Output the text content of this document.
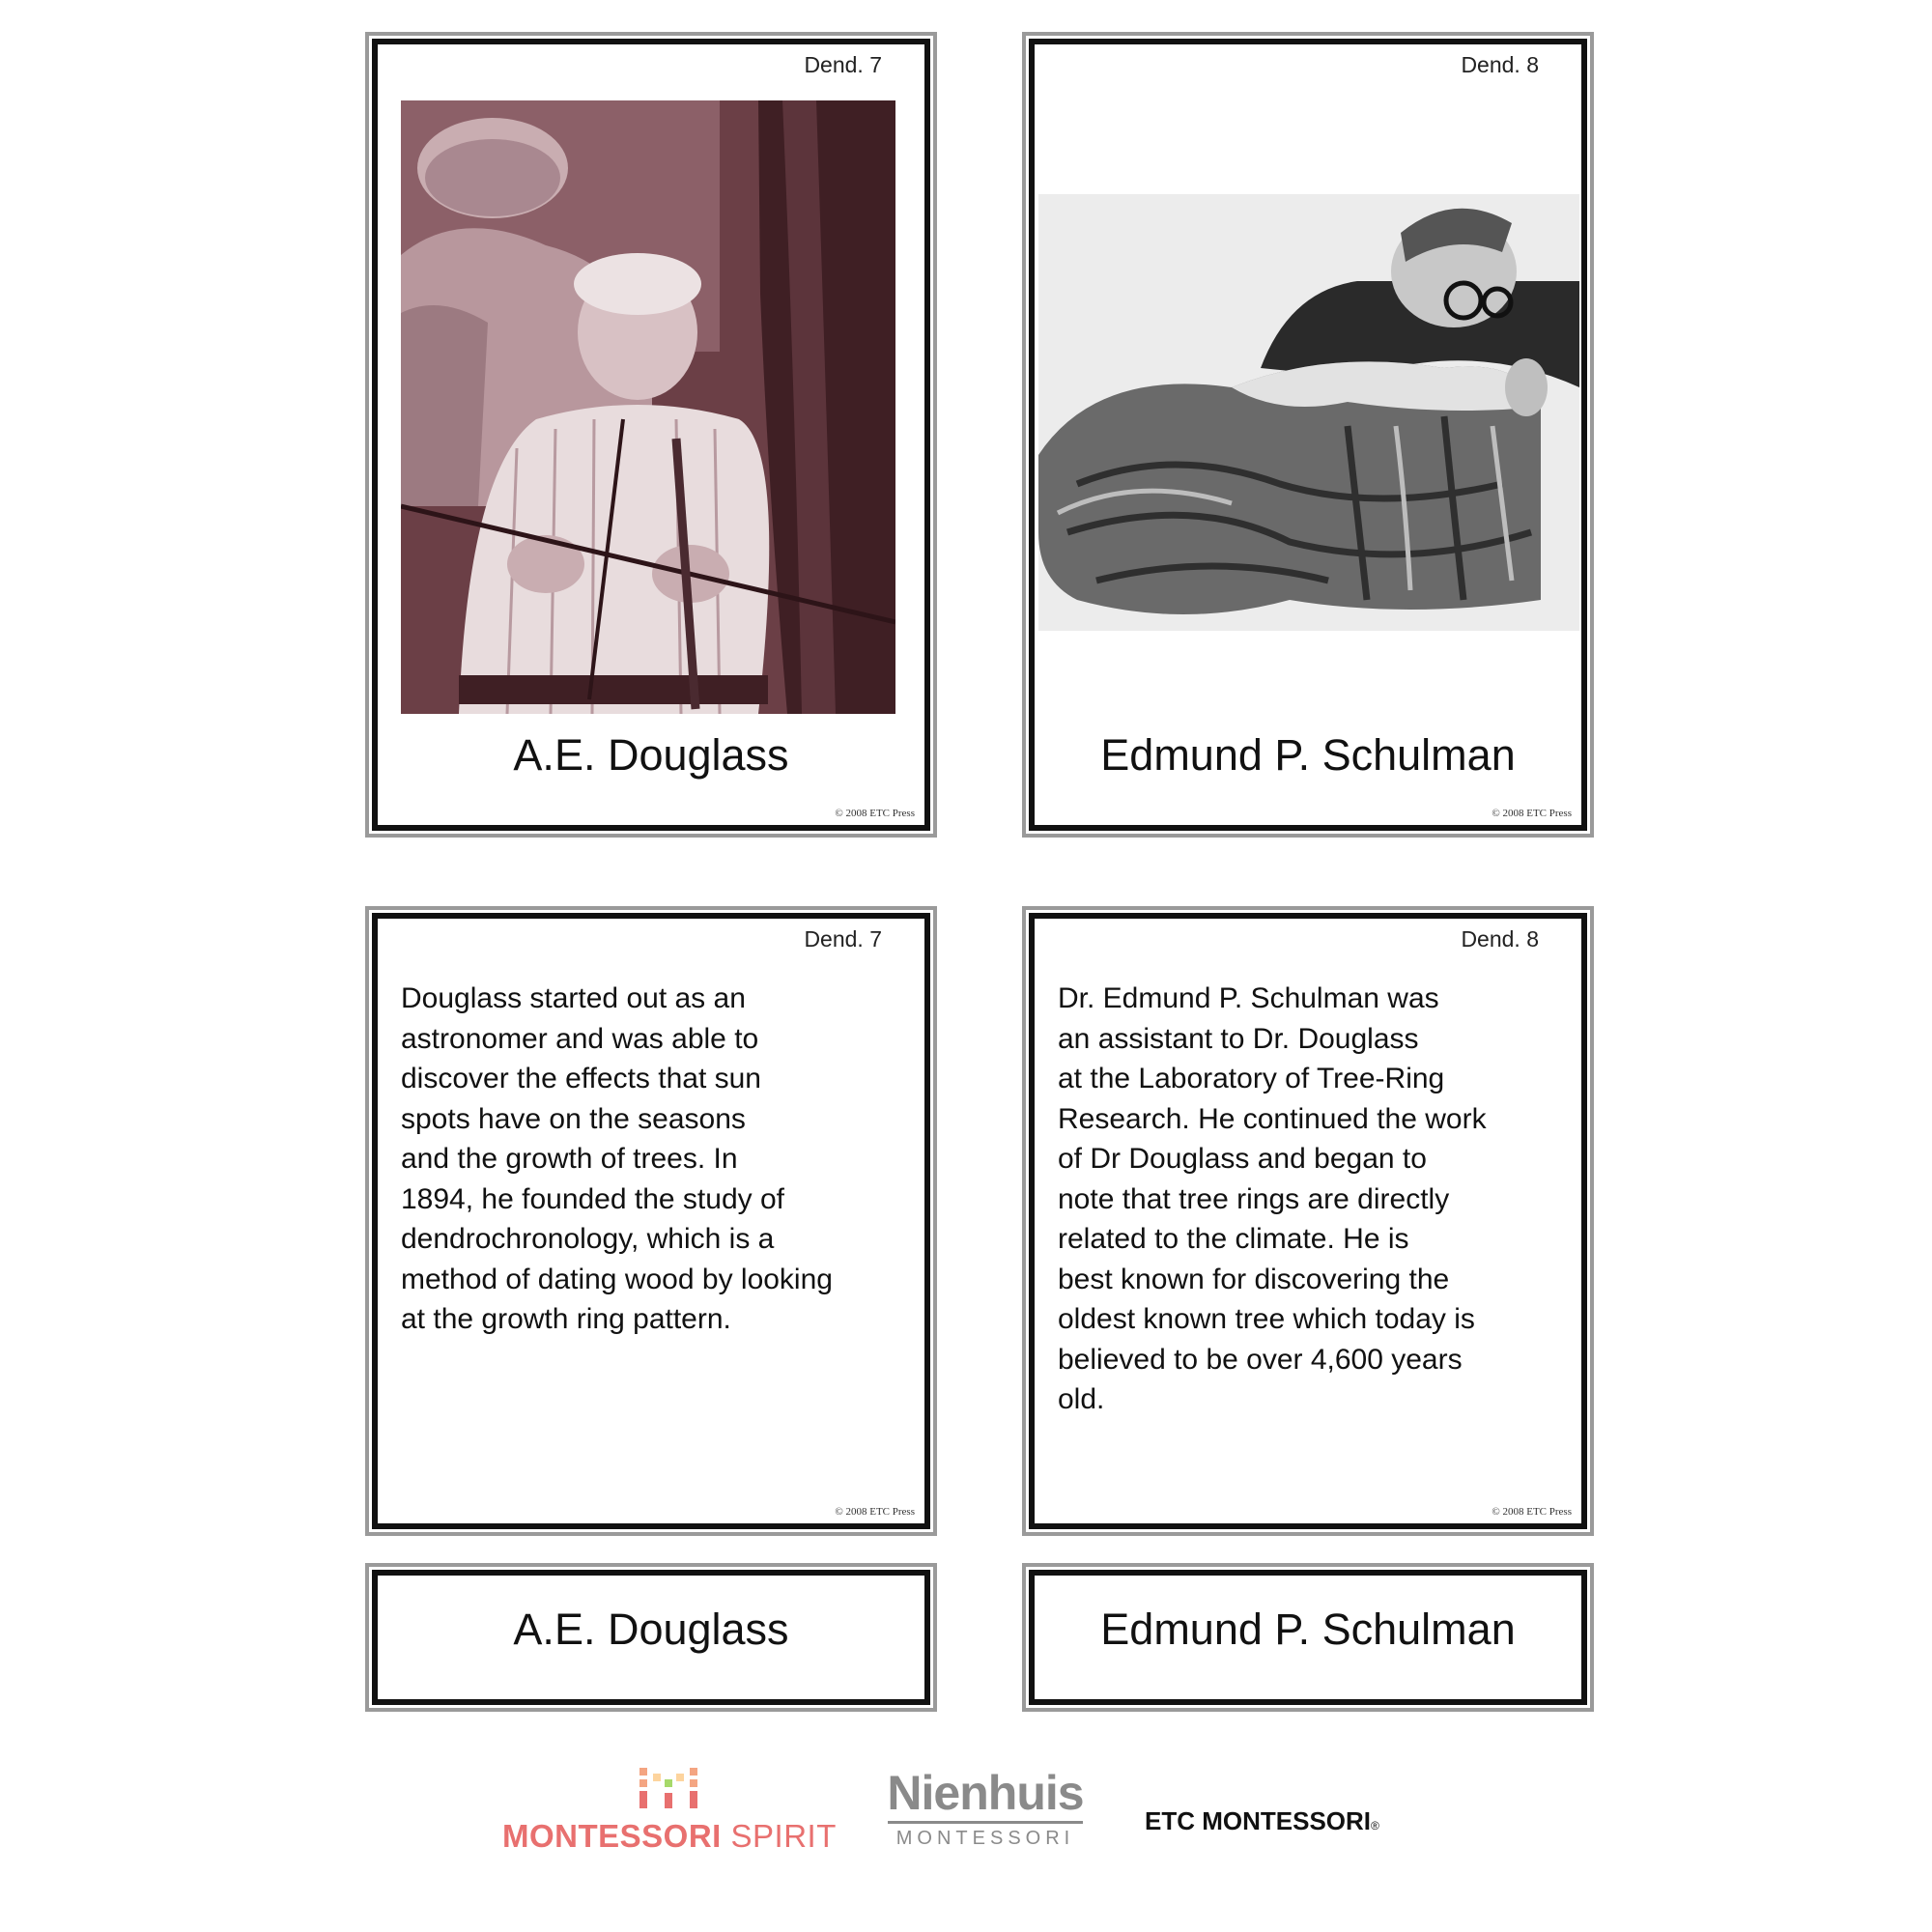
Dend. 7
A.E. Douglass
© 2008 ETC Press
Dend. 8
Edmund P. Schulman
© 2008 ETC Press
Dend. 7
Douglass started out as an
astronomer and was able to
discover the effects that sun
spots have on the seasons
and the growth of trees. In
1894, he founded the study of
dendrochronology, which is a
method of dating wood by looking
at the growth ring pattern.
© 2008 ETC Press
Dend. 8
Dr. Edmund P. Schulman was
an assistant to Dr. Douglass
at the Laboratory of Tree-Ring
Research. He continued the work
of Dr Douglass and began to
note that tree rings are directly
related to the climate. He is
best known for discovering the
oldest known tree which today is
believed to be over 4,600 years
old.
© 2008 ETC Press
A.E. Douglass	Edmund P. Schulman
MONTESSORI SPIRIT
Nienhuis
MONTESSORI
ETC MONTESSORI®
